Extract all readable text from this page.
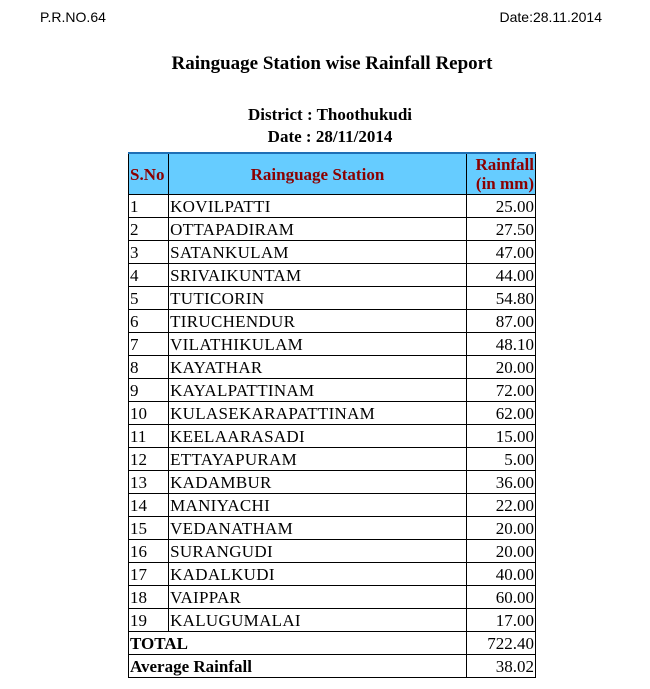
P.R.NO.64	Date:28.11.2014
Rainguage Station wise Rainfall Report
District : Thoothukudi
Date : 28/11/2014
S.No	Rainguage Station	Rainfall
(in mm)
1	KOVILPATTI	25.00
2	OTTAPADIRAM	27.50
3	SATANKULAM	47.00
4	SRIVAIKUNTAM	44.00
5	TUTICORIN	54.80
6	TIRUCHENDUR	87.00
7	VILATHIKULAM	48.10
8	KAYATHAR	20.00
9	KAYALPATTINAM	72.00
10	KULASEKARAPATTINAM	62.00
11	KEELAARASADI	15.00
12	ETTAYAPURAM	5.00
13	KADAMBUR	36.00
14	MANIYACHI	22.00
15	VEDANATHAM	20.00
16	SURANGUDI	20.00
17	KADALKUDI	40.00
18	VAIPPAR	60.00
19	KALUGUMALAI	17.00
TOTAL		722.40
Average Rainfall		38.02
